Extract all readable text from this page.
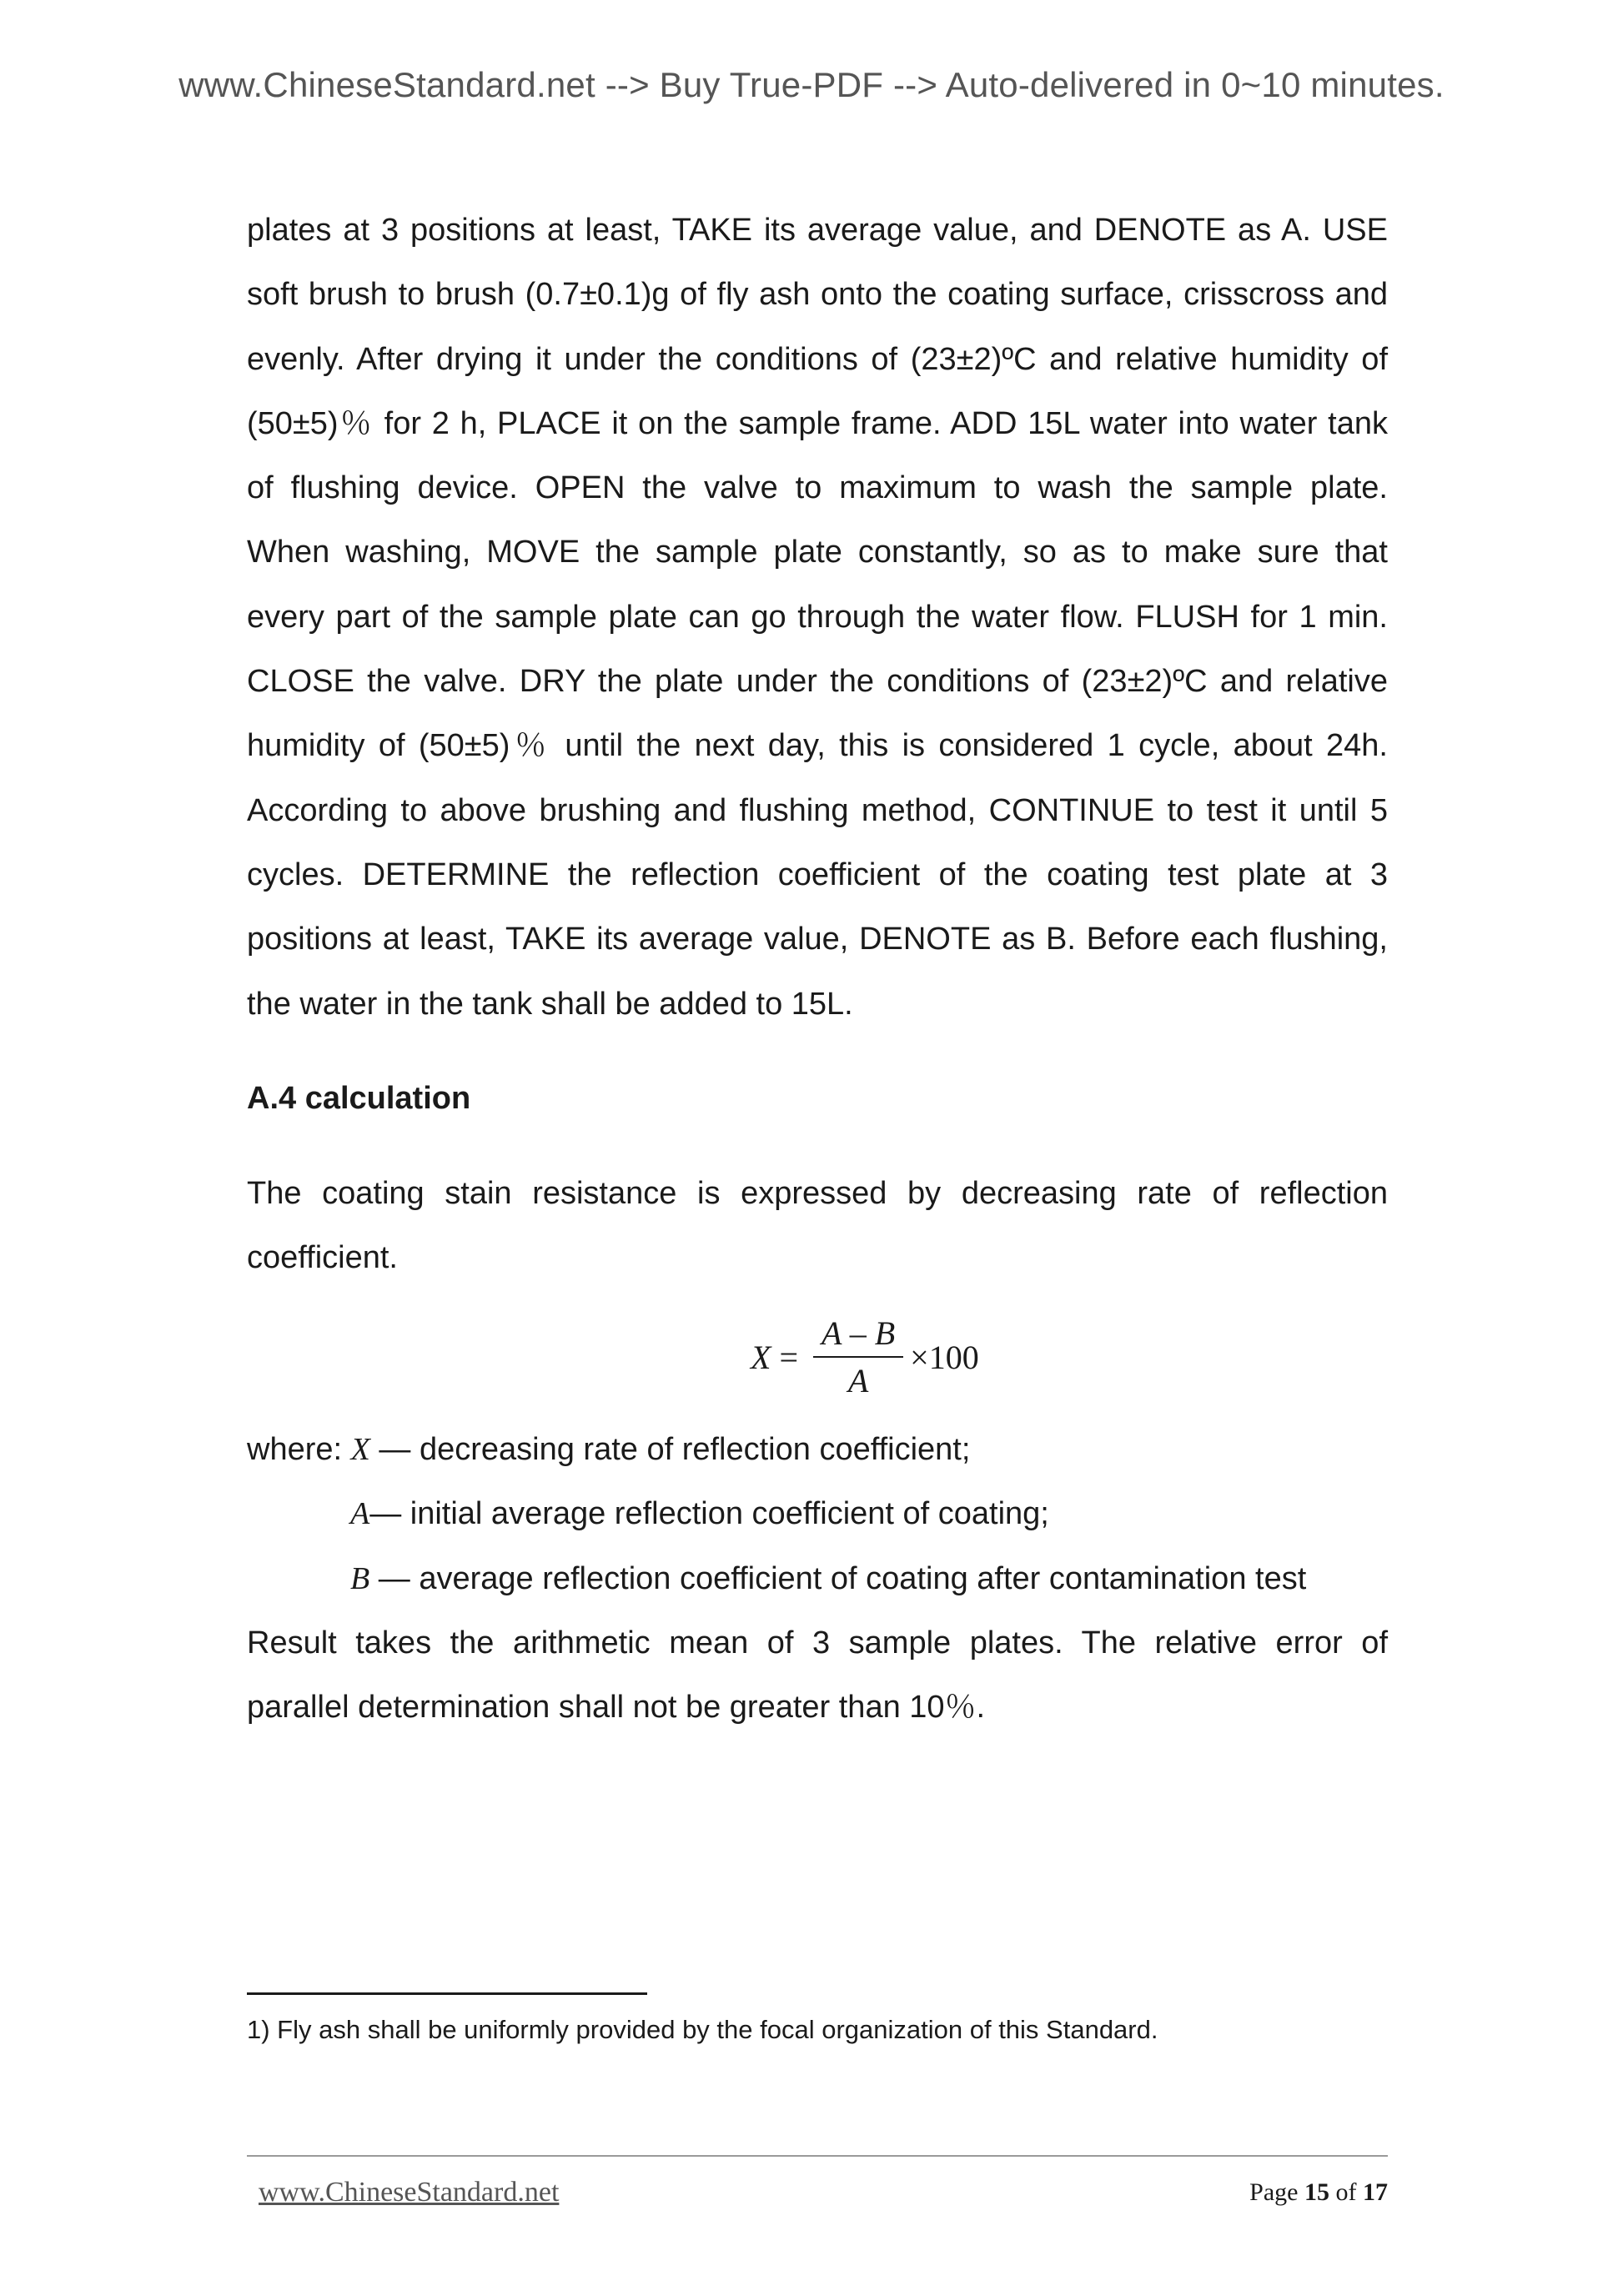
www.ChineseStandard.net --> Buy True-PDF --> Auto-delivered in 0~10 minutes.
plates at 3 positions at least, TAKE its average value, and DENOTE as A. USE
soft brush to brush (0.7±0.1)g of fly ash onto the coating surface, crisscross and
evenly. After drying it under the conditions of (23±2)ºC and relative humidity of
(50±5)％ for 2 h, PLACE it on the sample frame. ADD 15L water into water tank
of flushing device. OPEN the valve to maximum to wash the sample plate.
When washing, MOVE the sample plate constantly, so as to make sure that
every part of the sample plate can go through the water flow. FLUSH for 1 min.
CLOSE the valve. DRY the plate under the conditions of (23±2)ºC and relative
humidity of (50±5)％ until the next day, this is considered 1 cycle, about 24h.
According to above brushing and flushing method, CONTINUE to test it until 5
cycles. DETERMINE the reflection coefficient of the coating test plate at 3
positions at least, TAKE its average value, DENOTE as B. Before each flushing,
the water in the tank shall be added to 15L.
A.4 calculation
The coating stain resistance is expressed by decreasing rate of reflection
coefficient.
$X = \frac{A - B}{A} \times 100$
where: X — decreasing rate of reflection coefficient;
A— initial average reflection coefficient of coating;
B — average reflection coefficient of coating after contamination test
Result takes the arithmetic mean of 3 sample plates. The relative error of
parallel determination shall not be greater than 10％.
1) Fly ash shall be uniformly provided by the focal organization of this Standard.
www.ChineseStandard.net	Page 15 of 17
